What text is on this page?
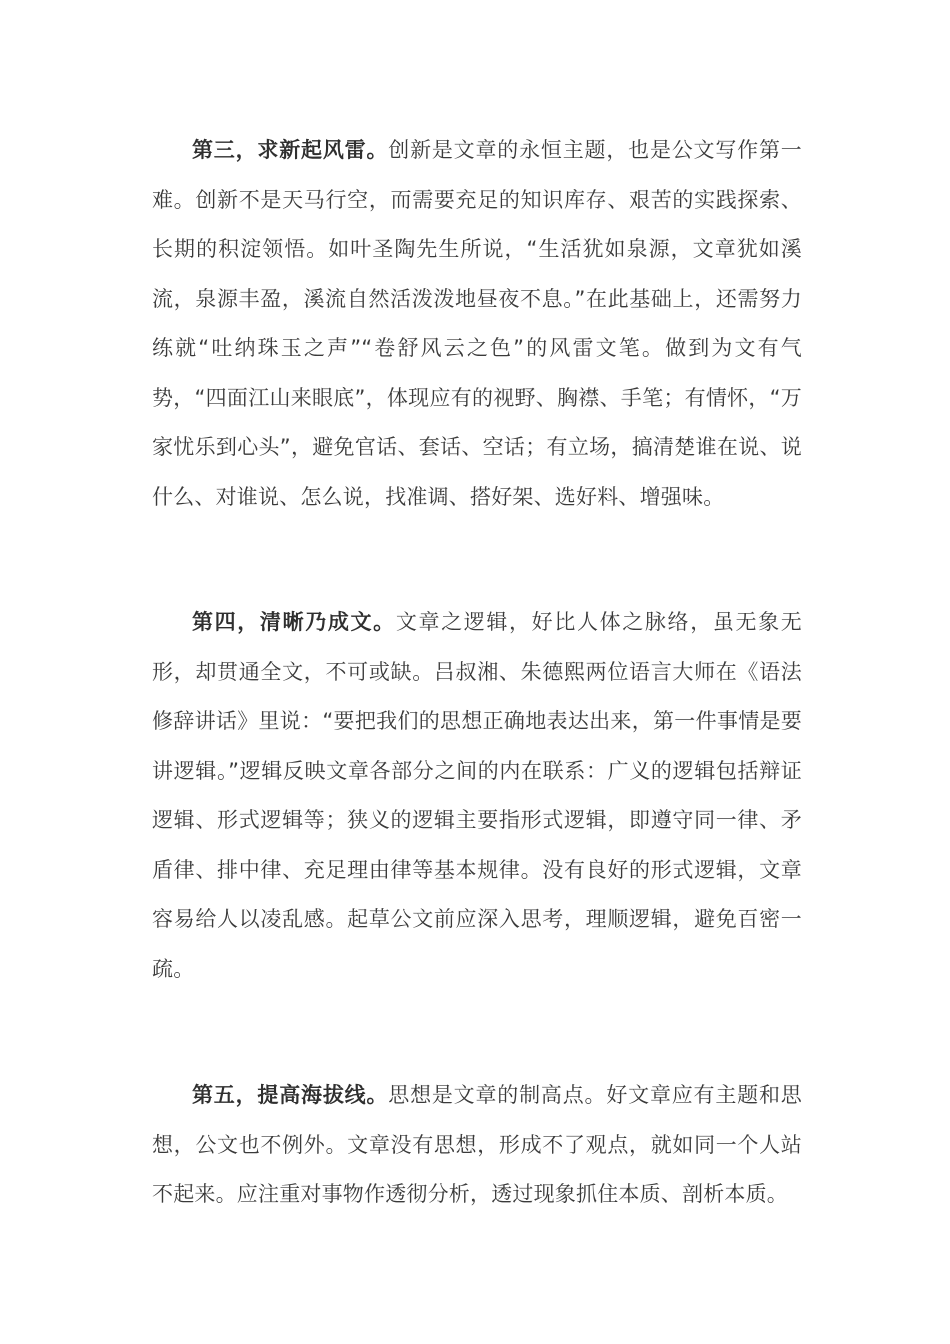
第三，求新起风雷。创新是文章的永恒主题，也是公文写作第一难。创新不是天马行空，而需要充足的知识库存、艰苦的实践探索、长期的积淀领悟。如叶圣陶先生所说，“生活犹如泉源，文章犹如溪流，泉源丰盈，溪流自然活泼泼地昼夜不息。”在此基础上，还需努力练就“吐纳珠玉之声”“卷舒风云之色”的风雷文笔。做到为文有气势，“四面江山来眼底”，体现应有的视野、胸襟、手笔；有情怀，“万家忧乐到心头”，避免官话、套话、空话；有立场，搞清楚谁在说、说什么、对谁说、怎么说，找准调、搭好架、选好料、增强味。

第四，清晰乃成文。文章之逻辑，好比人体之脉络，虽无象无形，却贯通全文，不可或缺。吕叔湘、朱德熙两位语言大师在《语法修辞讲话》里说：“要把我们的思想正确地表达出来，第一件事情是要讲逻辑。”逻辑反映文章各部分之间的内在联系：广义的逻辑包括辩证逻辑、形式逻辑等；狭义的逻辑主要指形式逻辑，即遵守同一律、矛盾律、排中律、充足理由律等基本规律。没有良好的形式逻辑，文章容易给人以凌乱感。起草公文前应深入思考，理顺逻辑，避免百密一疏。

第五，提高海拔线。思想是文章的制高点。好文章应有主题和思想，公文也不例外。文章没有思想，形成不了观点，就如同一个人站不起来。应注重对事物作透彻分析，透过现象抓住本质、剖析本质。
